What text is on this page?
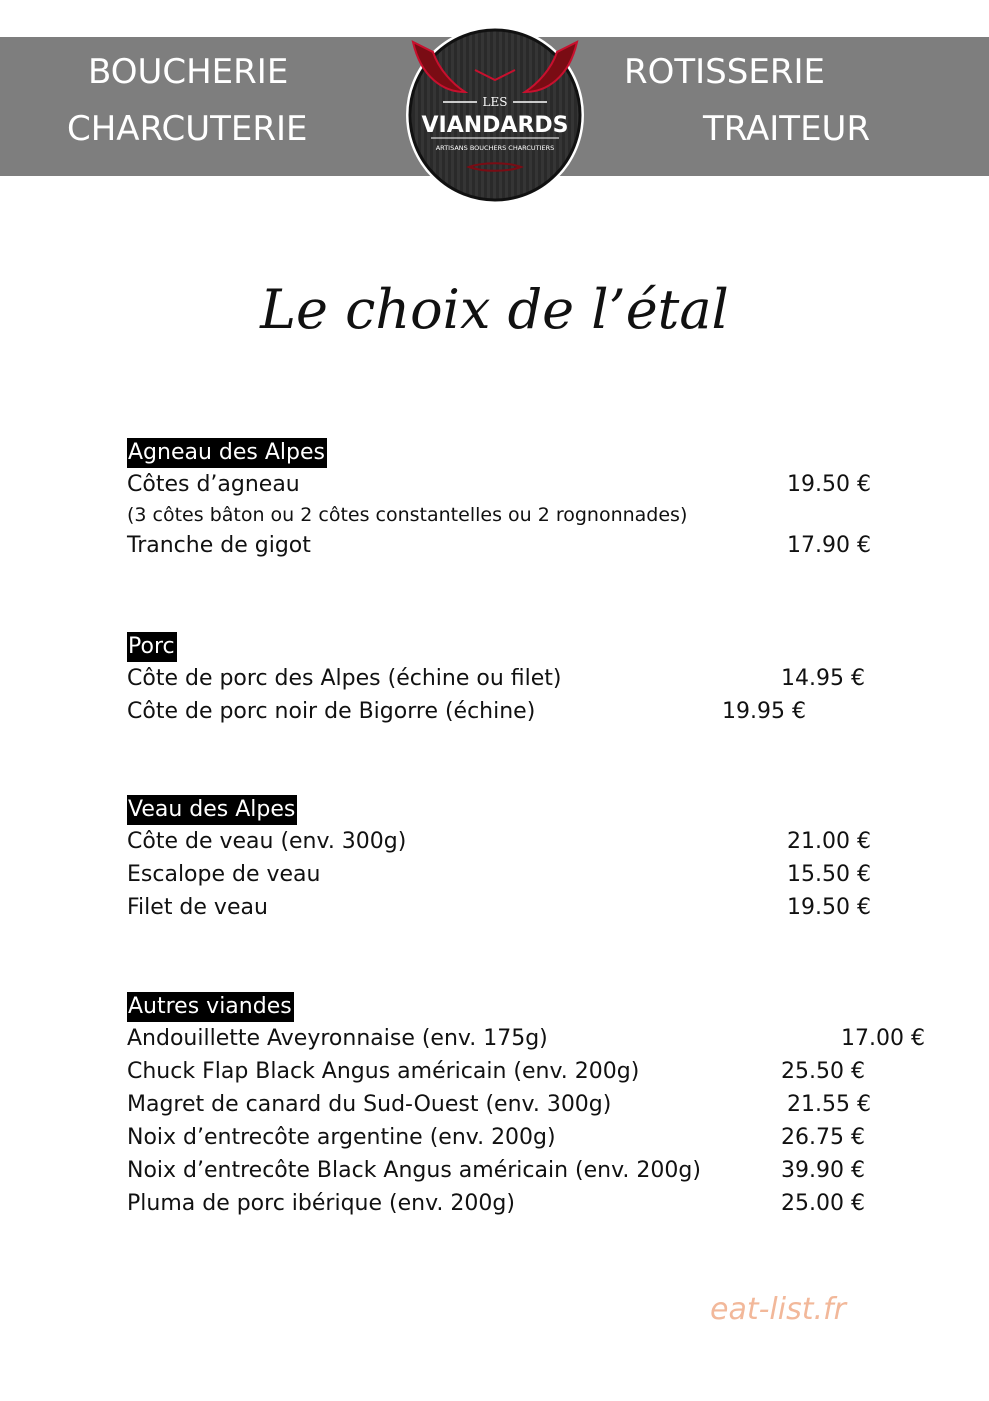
BOUCHERIE
CHARCUTERIE
ROTISSERIE
TRAITEUR
LES
VIANDARDS
ARTISANS BOUCHERS CHARCUTIERS
Le choix de l’étal
Agneau des Alpes
Côtes d’agneau	19.50 €
(3 côtes bâton ou 2 côtes constantelles ou 2 rognonnades)
Tranche de gigot	17.90 €
Porc
Côte de porc des Alpes (échine ou filet)	14.95 €
Côte de porc noir de Bigorre (échine)	19.95 €
Veau des Alpes
Côte de veau (env. 300g)	21.00 €
Escalope de veau	15.50 €
Filet de veau	19.50 €
Autres viandes
Andouillette Aveyronnaise (env. 175g)	17.00 €
Chuck Flap Black Angus américain (env. 200g)	25.50 €
Magret de canard du Sud-Ouest (env. 300g)	21.55 €
Noix d’entrecôte argentine (env. 200g)	26.75 €
Noix d’entrecôte Black Angus américain (env. 200g)	39.90 €
Pluma de porc ibérique (env. 200g)	25.00 €
eat-list.fr
